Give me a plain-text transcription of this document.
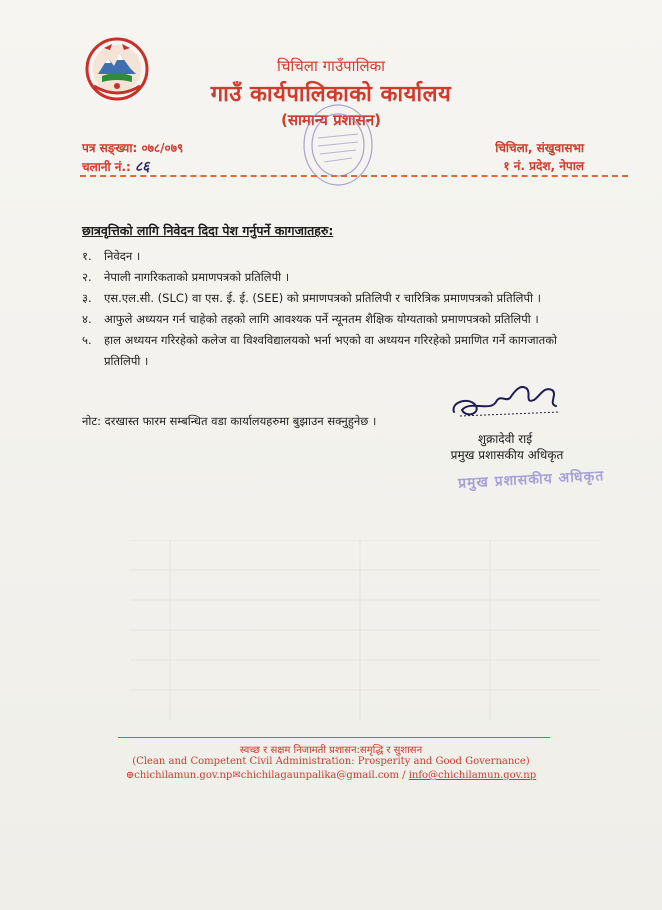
चिचिला गाउँपालिका
गाउँ कार्यपालिकाको कार्यालय
(सामान्य प्रशासन)
पत्र सङ्ख्या: ०७८/०७९
चलानी नं.: ८६
चिचिला, संखुवासभा
१ नं. प्रदेश, नेपाल
छात्रवृत्तिको लागि निवेदन दिदा पेश गर्नुपर्ने कागजातहरु:
१. निवेदन ।
२. नेपाली नागरिकताको प्रमाणपत्रको प्रतिलिपी ।
३. एस.एल.सी. (SLC) वा एस. ई. ई. (SEE) को प्रमाणपत्रको प्रतिलिपी र चारित्रिक प्रमाणपत्रको प्रतिलिपी ।
४. आफुले अध्ययन गर्न चाहेको तहको लागि आवश्यक पर्ने न्यूनतम शैक्षिक योग्यताको प्रमाणपत्रको प्रतिलिपी ।
५. हाल अध्ययन गरिरहेको कलेज वा विश्वविद्यालयको भर्ना भएको वा अध्ययन गरिरहेको प्रमाणित गर्ने कागजातको प्रतिलिपी ।
नोट: दरखास्त फारम सम्बन्धित वडा कार्यालयहरुमा बुझाउन सक्नुहुनेछ ।
शुक्रादेवी राई
प्रमुख प्रशासकीय अधिकृत
प्रमुख प्रशासकीय अधिकृत
स्वच्छ र सक्षम निजामती प्रशासन:समृद्धि र सुशासन
(Clean and Competent Civil Administration: Prosperity and Good Governance)
⊕chichilamun.gov.np✉chichilagaunpalika@gmail.com / info@chichilamun.gov.np
